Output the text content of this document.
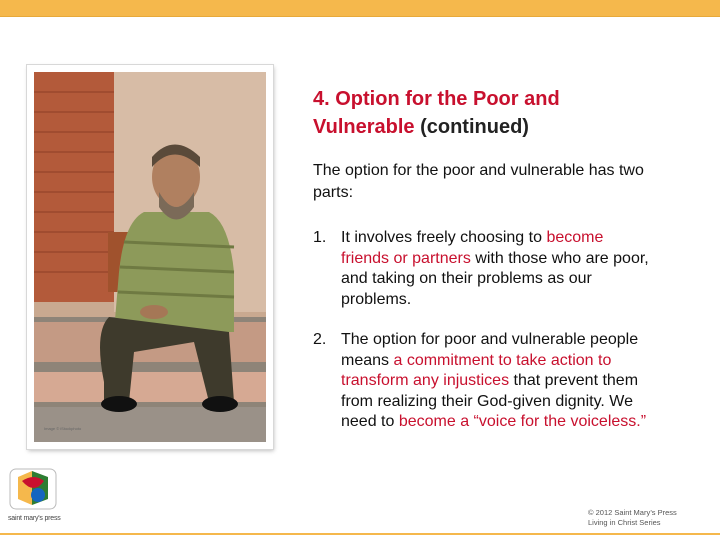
Image © iStockphoto
4. Option for the Poor and Vulnerable (continued)

The option for the poor and vulnerable has two parts:

1. It involves freely choosing to become friends or partners with those who are poor, and taking on their problems as our problems.
2. The option for poor and vulnerable people means a commitment to take action to transform any injustices that prevent them from realizing their God-given dignity. We need to become a “voice for the voiceless.”
saint mary's press
© 2012 Saint Mary’s Press
Living in Christ Series
